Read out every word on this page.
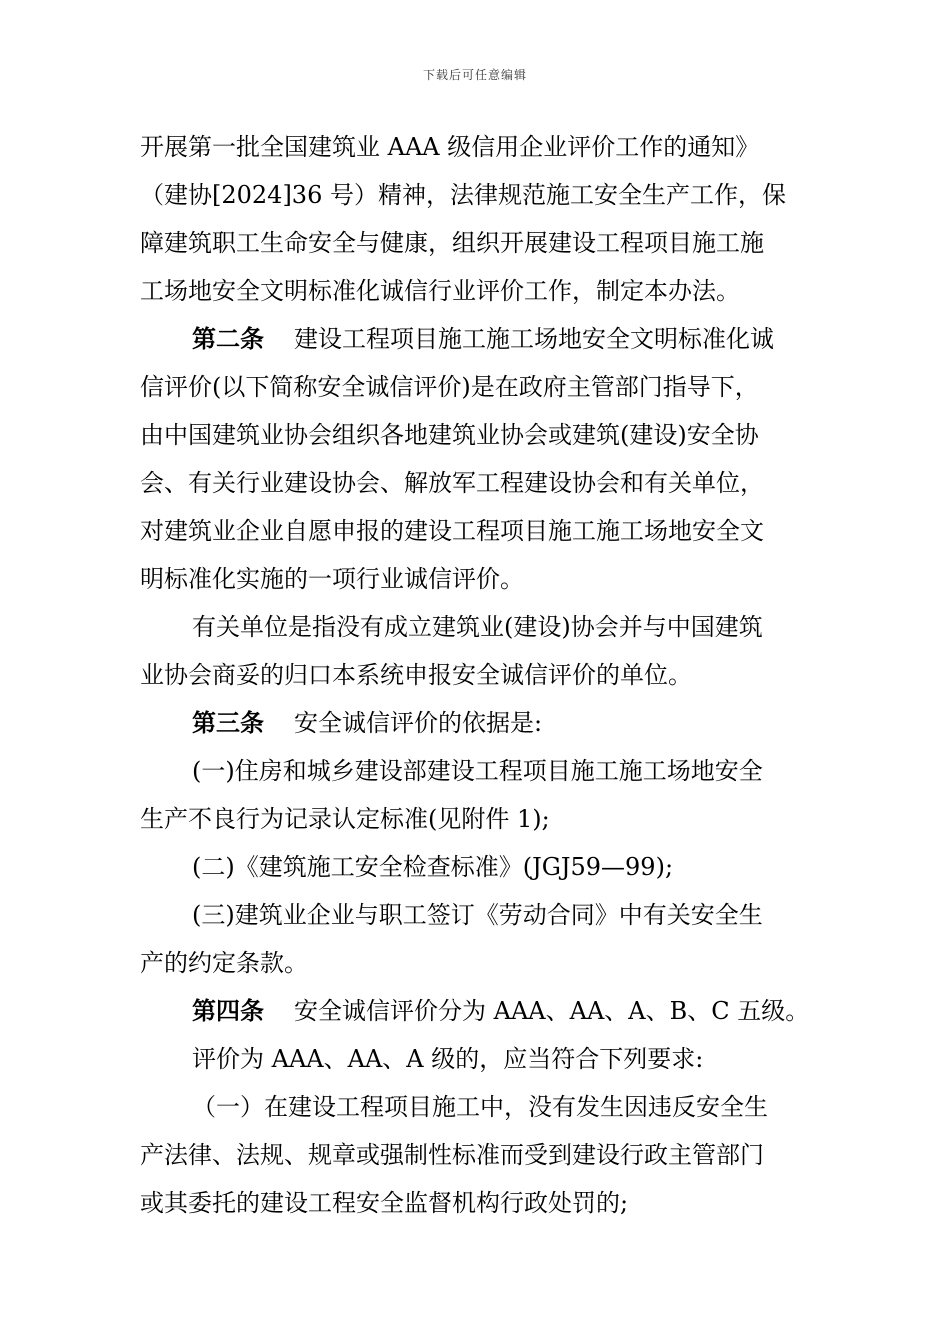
下载后可任意编辑
开展第一批全国建筑业 AAA 级信用企业评价工作的通知》
（建协[2024]36 号）精神，法律规范施工安全生产工作，保
障建筑职工生命安全与健康，组织开展建设工程项目施工施
工场地安全文明标准化诚信行业评价工作，制定本办法。
第二条 建设工程项目施工施工场地安全文明标准化诚
信评价(以下简称安全诚信评价)是在政府主管部门指导下，
由中国建筑业协会组织各地建筑业协会或建筑(建设)安全协
会、有关行业建设协会、解放军工程建设协会和有关单位，
对建筑业企业自愿申报的建设工程项目施工施工场地安全文
明标准化实施的一项行业诚信评价。
有关单位是指没有成立建筑业(建设)协会并与中国建筑
业协会商妥的归口本系统申报安全诚信评价的单位。
第三条 安全诚信评价的依据是:
(一)住房和城乡建设部建设工程项目施工施工场地安全
生产不良行为记录认定标准(见附件 1);
(二)《建筑施工安全检查标准》(JGJ59—99);
(三)建筑业企业与职工签订《劳动合同》中有关安全生
产的约定条款。
第四条 安全诚信评价分为 AAA、AA、A、B、C 五级。
评价为 AAA、AA、A 级的，应当符合下列要求:
（一）在建设工程项目施工中，没有发生因违反安全生
产法律、法规、规章或强制性标准而受到建设行政主管部门
或其委托的建设工程安全监督机构行政处罚的;
